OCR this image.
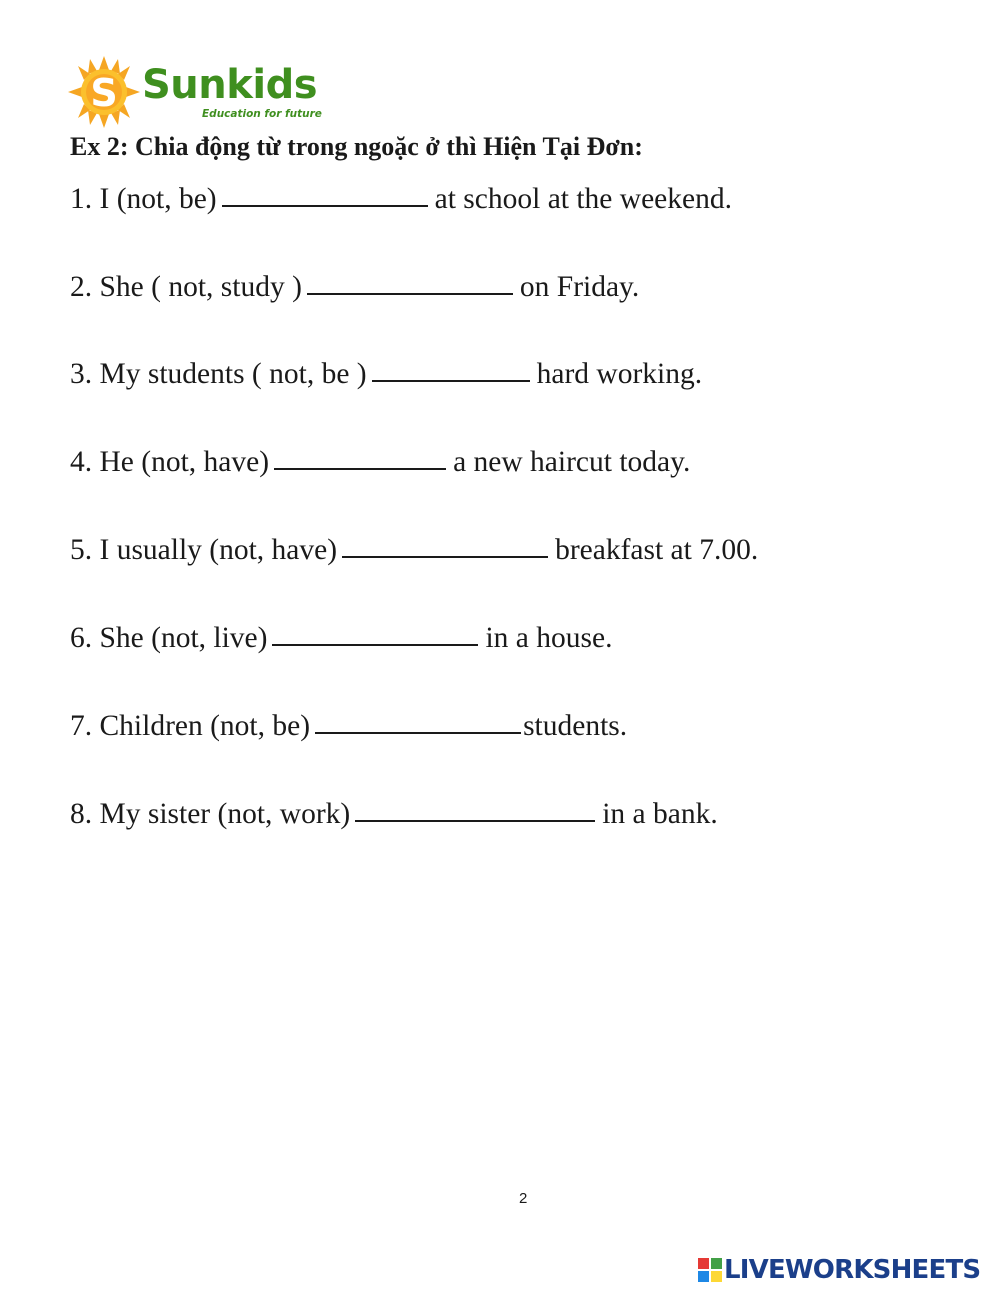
S Sunkids
Education for future
Ex 2: Chia động từ trong ngoặc ở thì Hiện Tại Đơn:
1. I (not, be)	at school at the weekend.
2. She ( not, study )	on Friday.
3. My students ( not, be )	hard working.
4. He (not, have)	a new haircut today.
5. I usually (not, have)	breakfast at 7.00.
6. She (not, live)	in a house.
7. Children (not, be)	students.
8. My sister (not, work)	in a bank.
2
LIVEWORKSHEETS
